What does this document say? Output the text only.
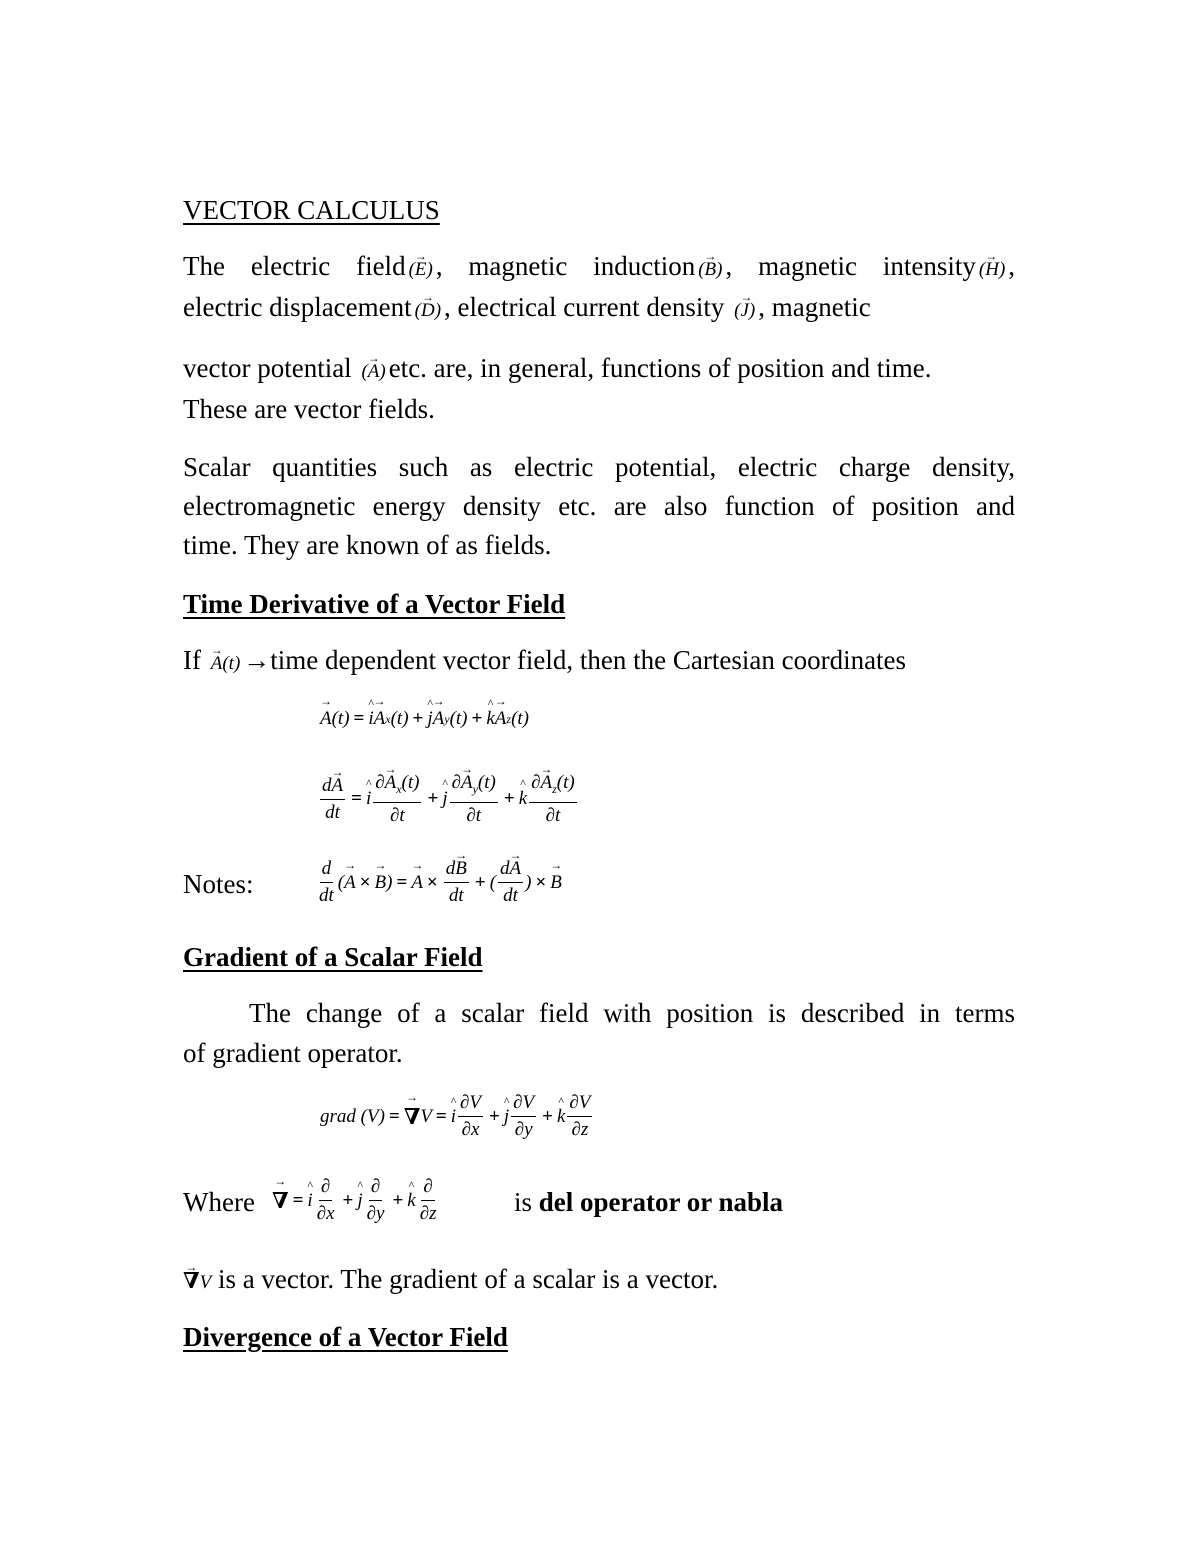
VECTOR CALCULUS
The electric field (→ E) , magnetic induction (→ B) , magnetic intensity (→ H) ,
electric displacement (→ D) , electrical current density (→ J) , magnetic
vector potential (→ A) etc. are, in general, functions of position and time.
These are vector fields.
Scalar quantities such as electric potential, electric charge density,
electromagnetic energy density etc. are also function of position and
time. They are known of as fields.
Time Derivative of a Vector Field
If → A(t) →time dependent vector field, then the Cartesian coordinates
→ A (t) = ^ i → A x (t) + ^ j → A y (t) + ^ k → A z (t)
$\frac{d\to A}{dt}$ = ^ i $\frac{\partial\to A_x(t)}{\partial t}$ + ^ j $\frac{\partial\to A_y(t)}{\partial t}$ + ^ k $\frac{\partial\to A_z(t)}{\partial t}$
Notes:	$\frac{d}{dt}$ ( → A × → B ) = → $A \times \frac{d\to B}{dt}$ + ( $\frac{d\to A}{dt}$ ) × → B
Gradient of a Scalar Field
The change of a scalar field with position is described in terms
of gradient operator.
grad (V) = → ∇ V = ^ i $\frac{\partial V}{\partial x}$ + ^ j $\frac{\partial V}{\partial y}$ + ^ k $\frac{\partial V}{\partial z}$
Where → ∇ = ^ i $\frac{\partial}{\partial x}$ + ^ j $\frac{\partial}{\partial y}$ + ^ k $\frac{\partial}{\partial z}$	is del operator or nabla
→ ∇V is a vector. The gradient of a scalar is a vector.
Divergence of a Vector Field
